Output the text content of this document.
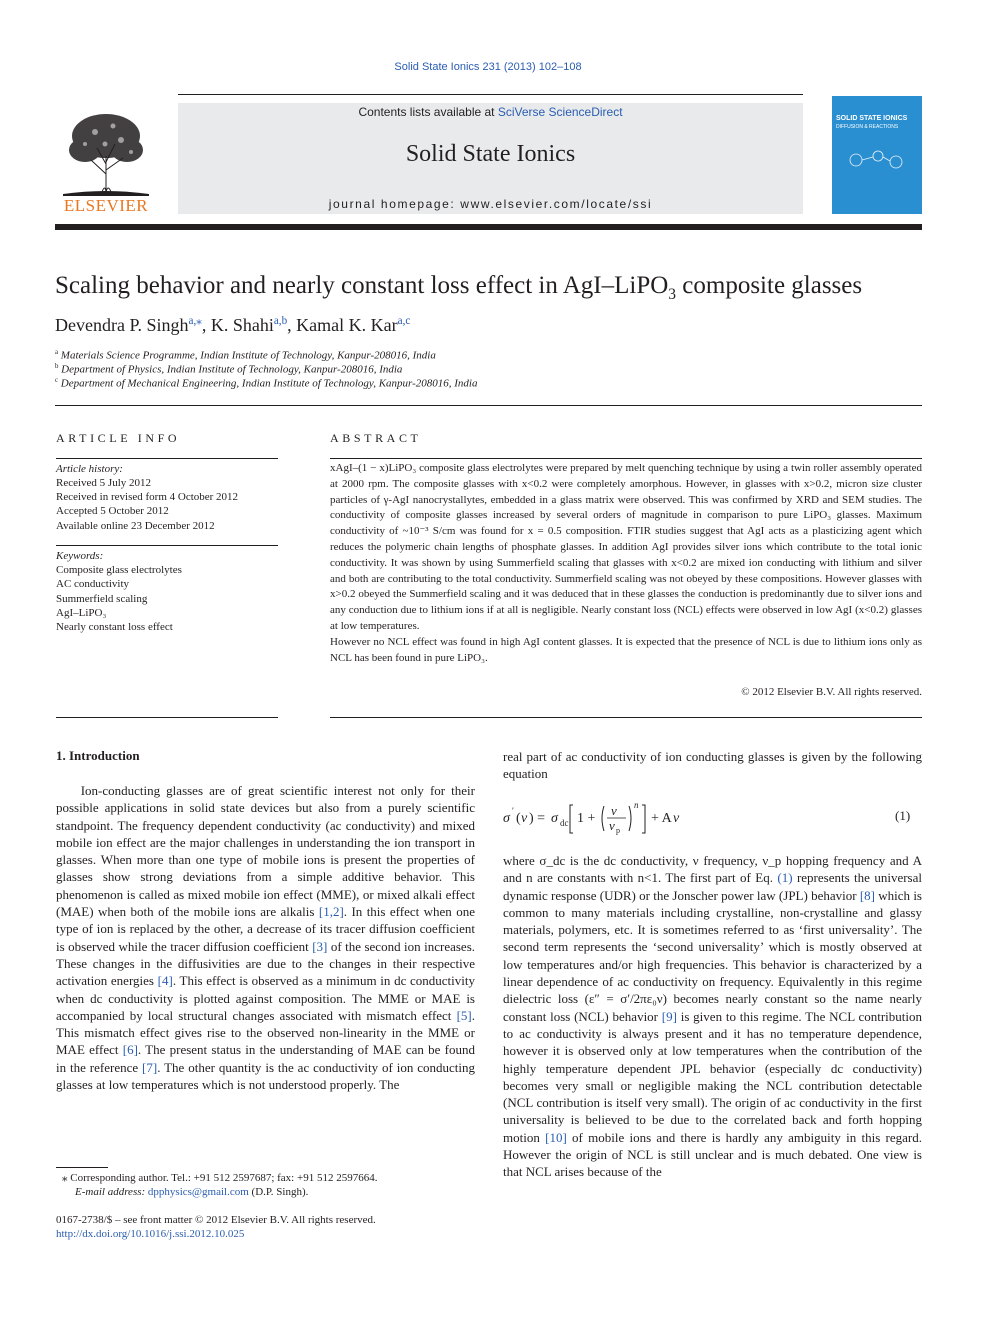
Solid State Ionics 231 (2013) 102–108
ELSEVIER
Contents lists available at SciVerse ScienceDirect
Solid State Ionics
journal homepage: www.elsevier.com/locate/ssi
SOLID STATE IONICS
DIFFUSION & REACTIONS
Scaling behavior and nearly constant loss effect in AgI–LiPO$_3$ composite glasses
Devendra P. Singh$^{a,⁎}$, K. Shahi$^{a,b}$, Kamal K. Kar$^{a,c}$
$^a$ Materials Science Programme, Indian Institute of Technology, Kanpur-208016, India
$^b$ Department of Physics, Indian Institute of Technology, Kanpur-208016, India
$^c$ Department of Mechanical Engineering, Indian Institute of Technology, Kanpur-208016, India
ARTICLE INFO
Article history:
Received 5 July 2012
Received in revised form 4 October 2012
Accepted 5 October 2012
Available online 23 December 2012
Keywords:
Composite glass electrolytes
AC conductivity
Summerfield scaling
AgI–LiPO₃
Nearly constant loss effect
ABSTRACT

xAgI–(1 − x)LiPO₃ composite glass electrolytes were prepared by melt quenching technique by using a twin roller assembly operated at 2000 rpm. The composite glasses with x<0.2 were completely amorphous. However, in glasses with x>0.2, micron size cluster particles of γ-AgI nanocrystallytes, embedded in a glass matrix were observed. This was confirmed by XRD and SEM studies. The conductivity of composite glasses increased by several orders of magnitude in comparison to pure LiPO₃ glasses. Maximum conductivity of ~10⁻³ S/cm was found for x = 0.5 composition. FTIR studies suggest that AgI acts as a plasticizing agent which reduces the polymeric chain lengths of phosphate glasses. In addition AgI provides silver ions which contribute to the total ionic conductivity. It was shown by using Summerfield scaling that glasses with x<0.2 are mixed ion conducting with lithium and silver and both are contributing to the total conductivity. Summerfield scaling was not obeyed by these compositions. However glasses with x>0.2 obeyed the Summerfield scaling and it was deduced that in these glasses the conduction is predominantly due to silver ions and any conduction due to lithium ions if at all is negligible. Nearly constant loss (NCL) effects were observed in low AgI (x<0.2) glasses at low temperatures.

However no NCL effect was found in high AgI content glasses. It is expected that the presence of NCL is due to lithium ions only as NCL has been found in pure LiPO₃.

© 2012 Elsevier B.V. All rights reserved.
1. Introduction

Ion-conducting glasses are of great scientific interest not only for their possible applications in solid state devices but also from a purely scientific standpoint. The frequency dependent conductivity (ac conductivity) and mixed mobile ion effect are the major challenges in understanding the ion transport in glasses. When more than one type of mobile ions is present the properties of glasses show strong deviations from a simple additive behavior. This phenomenon is called as mixed mobile ion effect (MME), or mixed alkali effect (MAE) when both of the mobile ions are alkalis [1,2]. In this effect when one type of ion is replaced by the other, a decrease of its tracer diffusion coefficient is observed while the tracer diffusion coefficient [3] of the second ion increases. These changes in the diffusivities are due to the changes in their respective activation energies [4]. This effect is observed as a minimum in dc conductivity when dc conductivity is plotted against composition. The MME or MAE is accompanied by local structural changes associated with mismatch effect [5]. This mismatch effect gives rise to the observed non-linearity in the MME or MAE effect [6]. The present status in the understanding of MAE can be found in the reference [7]. The other quantity is the ac conductivity of ion conducting glasses at low temperatures which is not understood properly. The

real part of ac conductivity of ion conducting glasses is given by the following equation

σ ′ ( ν ) = σ dc 1 +
ν
ν p
n
+ A ν	(1)

where σ_dc is the dc conductivity, ν frequency, ν_p hopping frequency and A and n are constants with n<1. The first part of Eq. (1) represents the universal dynamic response (UDR) or the Jonscher power law (JPL) behavior [8] which is common to many materials including crystalline, non-crystalline and glassy materials, polymers, etc. It is sometimes referred to as ‘first universality’. The second term represents the ‘second universality’ which is mostly observed at low temperatures and/or high frequencies. This behavior is characterized by a linear dependence of ac conductivity on frequency. Equivalently in this regime dielectric loss (ε″ = σ′/2πε₀ν) becomes nearly constant so the name nearly constant loss (NCL) behavior [9] is given to this regime. The NCL contribution to ac conductivity is always present and it has no temperature dependence, however it is observed only at low temperatures when the contribution of the highly temperature dependent JPL behavior (especially dc conductivity) becomes very small or negligible making the NCL contribution detectable (NCL contribution is itself very small). The origin of ac conductivity in the first universality is believed to be due to the correlated back and forth hopping motion [10] of mobile ions and there is hardly any ambiguity in this regard. However the origin of NCL is still unclear and is much debated. One view is that NCL arises because of the

⁎ Corresponding author. Tel.: +91 512 2597687; fax: +91 512 2597664.
E-mail address: dpphysics@gmail.com (D.P. Singh).
0167-2738/$ – see front matter © 2012 Elsevier B.V. All rights reserved.
http://dx.doi.org/10.1016/j.ssi.2012.10.025
